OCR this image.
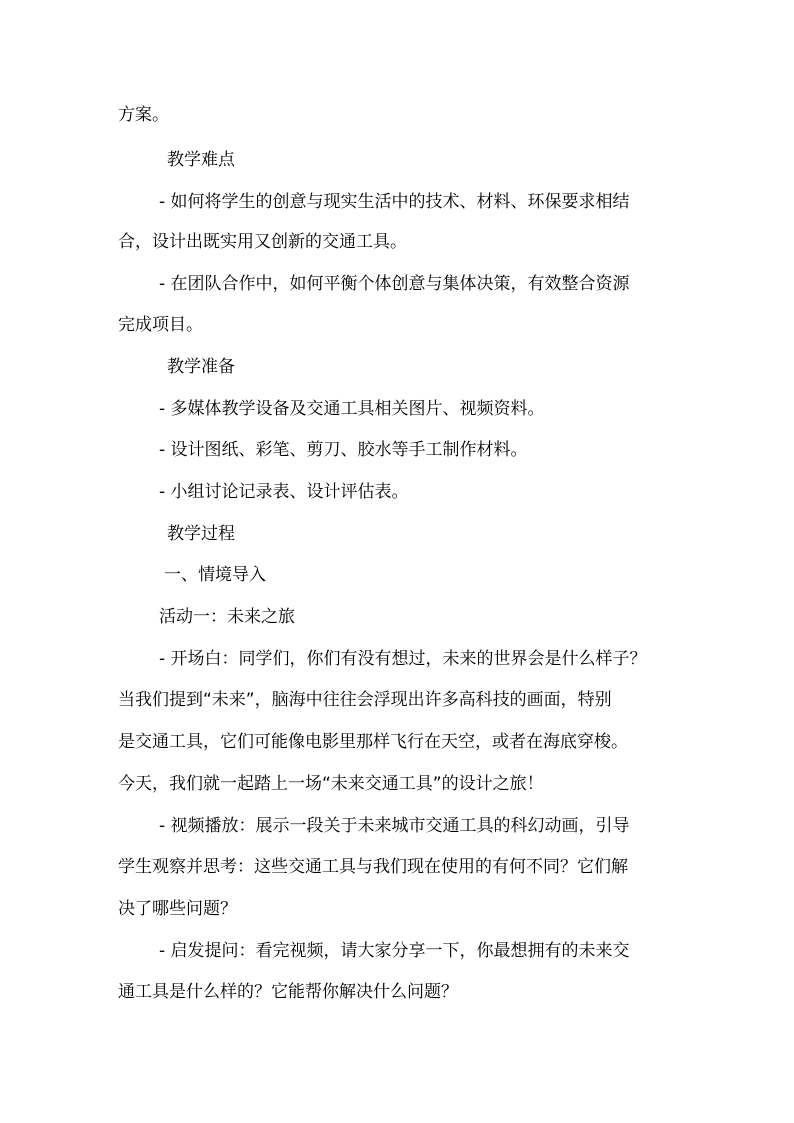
方案。
教学难点
- 如何将学生的创意与现实生活中的技术、材料、环保要求相结
合，设计出既实用又创新的交通工具。
- 在团队合作中，如何平衡个体创意与集体决策，有效整合资源
完成项目。
教学准备
- 多媒体教学设备及交通工具相关图片、视频资料。
- 设计图纸、彩笔、剪刀、胶水等手工制作材料。
- 小组讨论记录表、设计评估表。
教学过程
一、情境导入
活动一：未来之旅
- 开场白：同学们，你们有没有想过，未来的世界会是什么样子？
当我们提到“未来”，脑海中往往会浮现出许多高科技的画面，特别
是交通工具，它们可能像电影里那样飞行在天空，或者在海底穿梭。
今天，我们就一起踏上一场“未来交通工具”的设计之旅！
- 视频播放：展示一段关于未来城市交通工具的科幻动画，引导
学生观察并思考：这些交通工具与我们现在使用的有何不同？它们解
决了哪些问题？
- 启发提问：看完视频，请大家分享一下，你最想拥有的未来交
通工具是什么样的？它能帮你解决什么问题？
